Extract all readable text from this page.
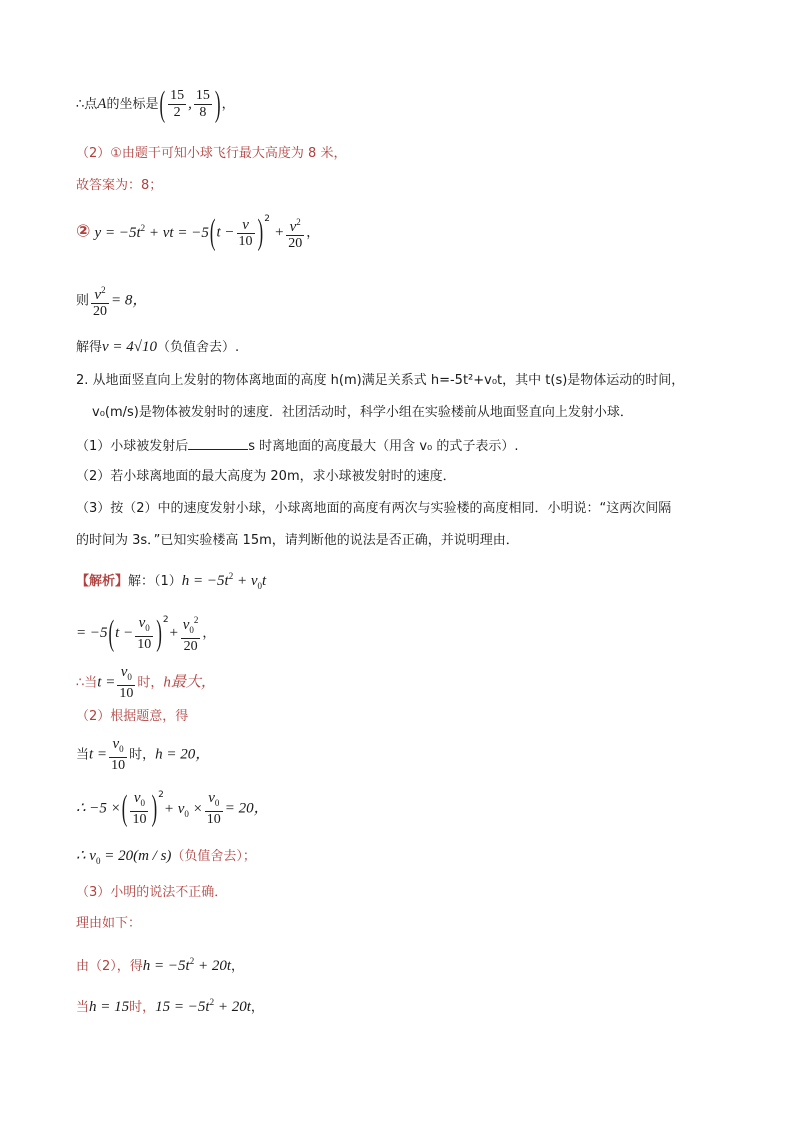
∴点A的坐标是( $\frac{15}{2}$ , $\frac{15}{8}$ )，
（2）①由题干可知小球飞行最大高度为 8 米，
故答案为：8；
② $y = -5t^2$ + vt = $-5(t - \frac{v}{10} )^2 + \frac{v^2}{20}$ ，
则 $\frac{v^2}{20} = 8$，
解得v = 4√10（负值舍去）.
2. 从地面竖直向上发射的物体离地面的高度 h(m)满足关系式 h=-5t²+v₀t，其中 t(s)是物体运动的时间，
v₀(m/s)是物体被发射时的速度．社团活动时，科学小组在实验楼前从地面竖直向上发射小球．
（1）小球被发射后	s 时离地面的高度最大（用含 v₀ 的式子表示）.
（2）若小球离地面的最大高度为 20m，求小球被发射时的速度．
（3）按（2）中的速度发射小球，小球离地面的高度有两次与实验楼的高度相同．小明说：“这两次间隔
的时间为 3s．”已知实验楼高 15m，请判断他的说法是否正确，并说明理由．
【解析】解：$(1)h = -5t^2 + v_0t$
= $-5(t - \frac{v_0}{10} )^2+ \frac{v_0^2}{20}$ ，
∴当$t = \frac{v_0}{10}$ 时，h最大，
（2）根据题意，得
当$t = \frac{v_0}{10}$ 时，h = 20，
∴ −5 ×( $\frac{v_0}{10} )^2+ v_0 \times \frac{v_0}{10} = 20$，
∴ $v_0 = 20(m / s)$（负值舍去）；
（3）小明的说法不正确．
理由如下：
由（2），得$h = -5t^2 + 20t$，
当h = 15时，$15 = -5t^2 + 20t$，
